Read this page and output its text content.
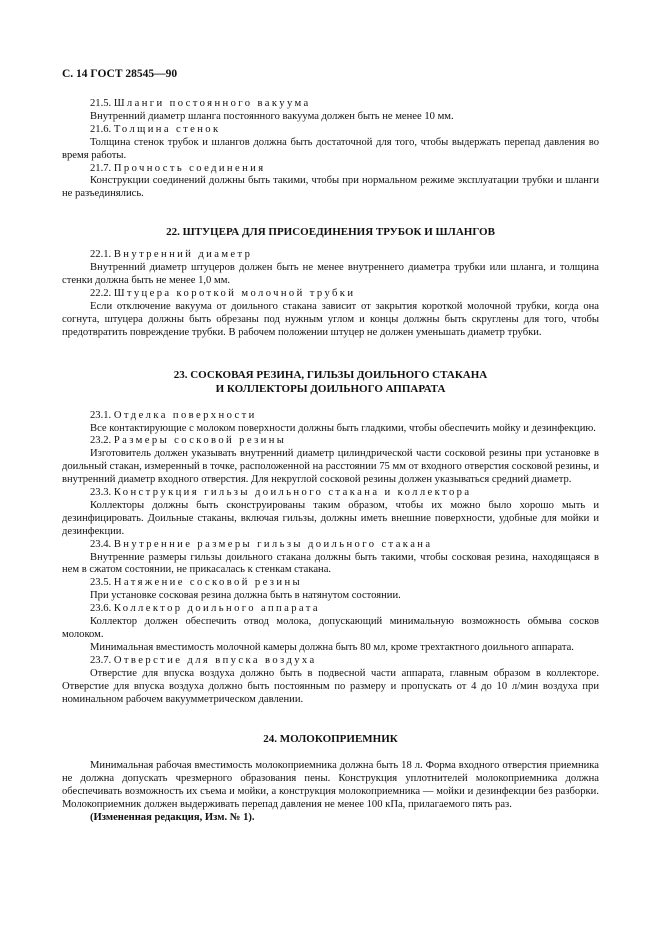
С. 14 ГОСТ 28545—90

21.5. Шланги постоянного вакуума

Внутренний диаметр шланга постоянного вакуума должен быть не менее 10 мм.

21.6. Толщина стенок

Толщина стенок трубок и шлангов должна быть достаточной для того, чтобы выдержать перепад давления во время работы.

21.7. Прочность соединения

Конструкции соединений должны быть такими, чтобы при нормальном режиме эксплуатации трубки и шланги не разъединялись.

22. ШТУЦЕРА ДЛЯ ПРИСОЕДИНЕНИЯ ТРУБОК И ШЛАНГОВ

22.1. Внутренний диаметр

Внутренний диаметр штуцеров должен быть не менее внутреннего диаметра трубки или шланга, и толщина стенки должна быть не менее 1,0 мм.

22.2. Штуцера короткой молочной трубки

Если отключение вакуума от доильного стакана зависит от закрытия короткой молочной трубки, когда она согнута, штуцера должны быть обрезаны под нужным углом и концы должны быть скруглены для того, чтобы предотвратить повреждение трубки. В рабочем положении штуцер не должен уменьшать диаметр трубки.

23. СОСКОВАЯ РЕЗИНА, ГИЛЬЗЫ ДОИЛЬНОГО СТАКАНА
И КОЛЛЕКТОРЫ ДОИЛЬНОГО АППАРАТА

23.1. Отделка поверхности

Все контактирующие с молоком поверхности должны быть гладкими, чтобы обеспечить мойку и дезинфекцию.

23.2. Размеры сосковой резины

Изготовитель должен указывать внутренний диаметр цилиндрической части сосковой резины при установке в доильный стакан, измеренный в точке, расположенной на расстоянии 75 мм от входного отверстия сосковой резины, и внутренний диаметр входного отверстия. Для некруглой сосковой резины должен указываться средний диаметр.

23.3. Конструкция гильзы доильного стакана и коллектора

Коллекторы должны быть сконструированы таким образом, чтобы их можно было хорошо мыть и дезинфицировать. Доильные стаканы, включая гильзы, должны иметь внешние поверхности, удобные для мойки и дезинфекции.

23.4. Внутренние размеры гильзы доильного стакана

Внутренние размеры гильзы доильного стакана должны быть такими, чтобы сосковая резина, находящаяся в нем в сжатом состоянии, не прикасалась к стенкам стакана.

23.5. Натяжение сосковой резины

При установке сосковая резина должна быть в натянутом состоянии.

23.6. Коллектор доильного аппарата

Коллектор должен обеспечить отвод молока, допускающий минимальную возможность обмыва сосков молоком.

Минимальная вместимость молочной камеры должна быть 80 мл, кроме трехтактного доильного аппарата.

23.7. Отверстие для впуска воздуха

Отверстие для впуска воздуха должно быть в подвесной части аппарата, главным образом в коллекторе. Отверстие для впуска воздуха должно быть постоянным по размеру и пропускать от 4 до 10 л/мин воздуха при номинальном рабочем вакуумметрическом давлении.

24. МОЛОКОПРИЕМНИК

Минимальная рабочая вместимость молокоприемника должна быть 18 л. Форма входного отверстия приемника не должна допускать чрезмерного образования пены. Конструкция уплотнителей молокоприемника должна обеспечивать возможность их съема и мойки, а конструкция молокоприемника — мойки и дезинфекции без разборки. Молокоприемник должен выдерживать перепад давления не менее 100 кПа, прилагаемого пять раз.

(Измененная редакция, Изм. № 1).
